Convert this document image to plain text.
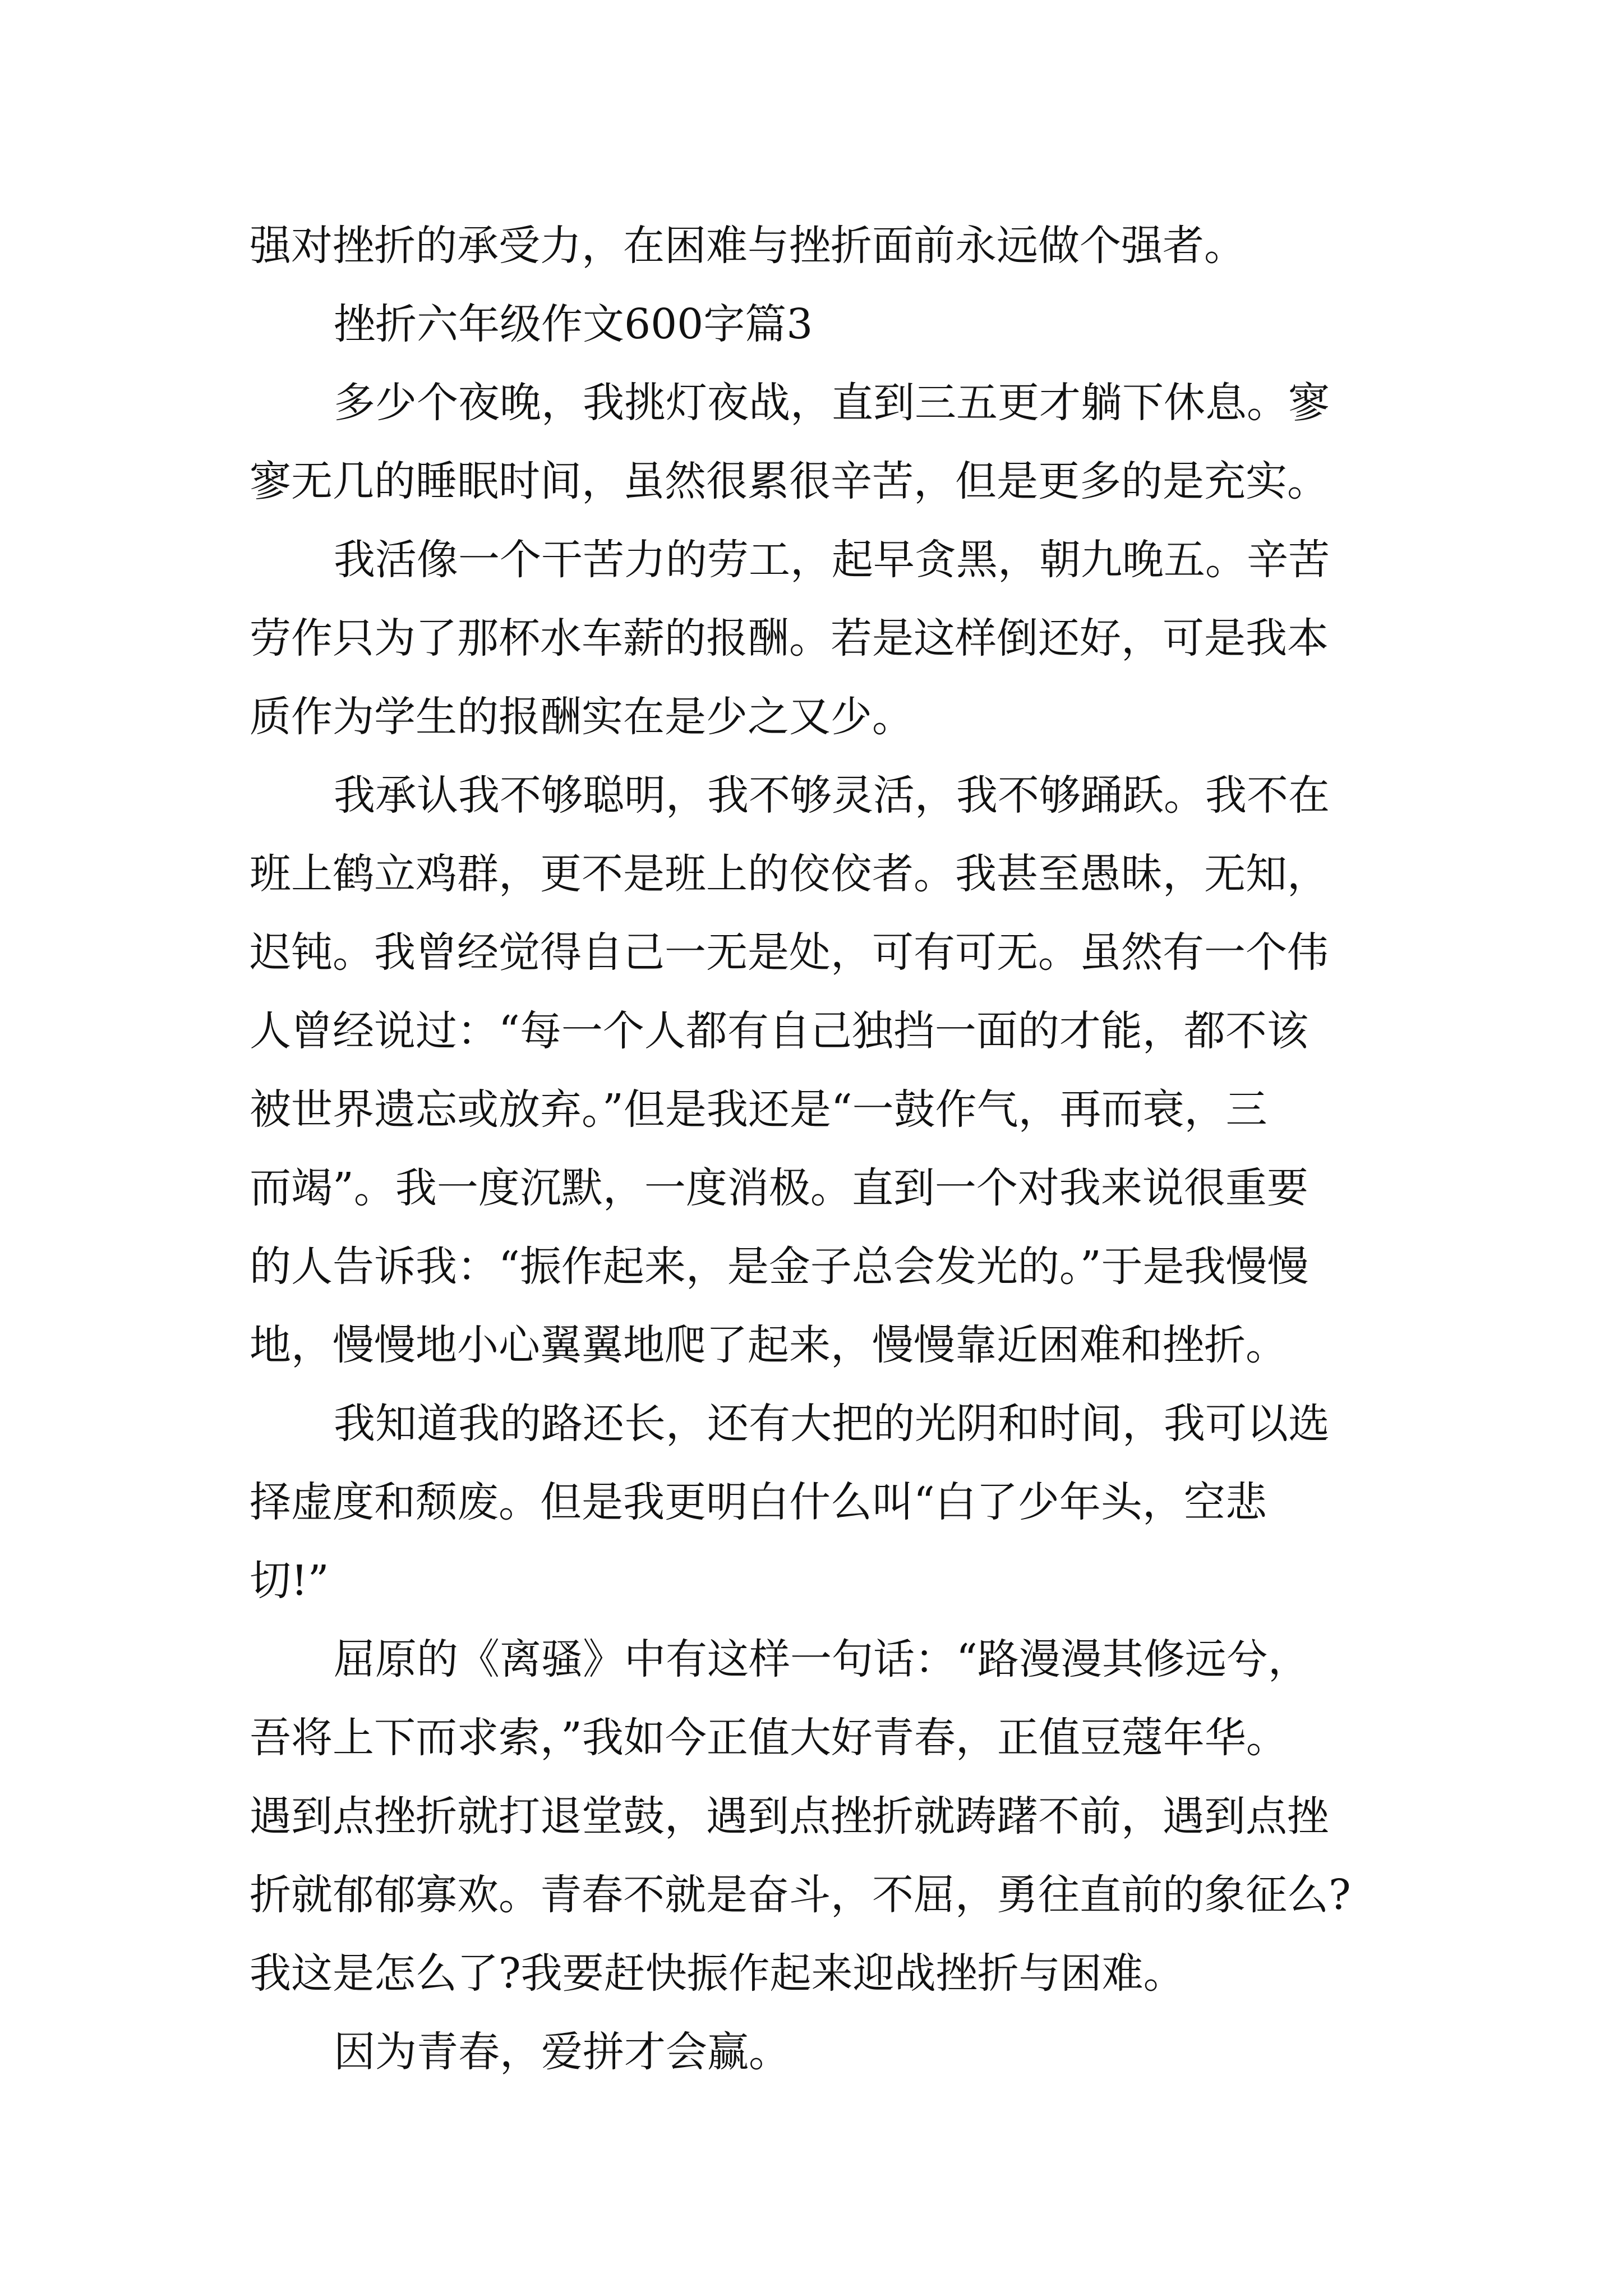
强对挫折的承受力，在困难与挫折面前永远做个强者。
挫折六年级作文600字篇3
多少个夜晚，我挑灯夜战，直到三五更才躺下休息。寥
寥无几的睡眠时间，虽然很累很辛苦，但是更多的是充实。
我活像一个干苦力的劳工，起早贪黑，朝九晚五。辛苦
劳作只为了那杯水车薪的报酬。若是这样倒还好，可是我本
质作为学生的报酬实在是少之又少。
我承认我不够聪明，我不够灵活，我不够踊跃。我不在
班上鹤立鸡群，更不是班上的佼佼者。我甚至愚昧，无知，
迟钝。我曾经觉得自己一无是处，可有可无。虽然有一个伟
人曾经说过：“每一个人都有自己独挡一面的才能，都不该
被世界遗忘或放弃。”但是我还是“一鼓作气，再而衰，三
而竭”。我一度沉默，一度消极。直到一个对我来说很重要
的人告诉我：“振作起来，是金子总会发光的。”于是我慢慢
地，慢慢地小心翼翼地爬了起来，慢慢靠近困难和挫折。
我知道我的路还长，还有大把的光阴和时间，我可以选
择虚度和颓废。但是我更明白什么叫“白了少年头，空悲
切!”
屈原的《离骚》中有这样一句话：“路漫漫其修远兮，
吾将上下而求索，”我如今正值大好青春，正值豆蔻年华。
遇到点挫折就打退堂鼓，遇到点挫折就踌躇不前，遇到点挫
折就郁郁寡欢。青春不就是奋斗，不屈，勇往直前的象征么?
我这是怎么了?我要赶快振作起来迎战挫折与困难。
因为青春，爱拼才会赢。
